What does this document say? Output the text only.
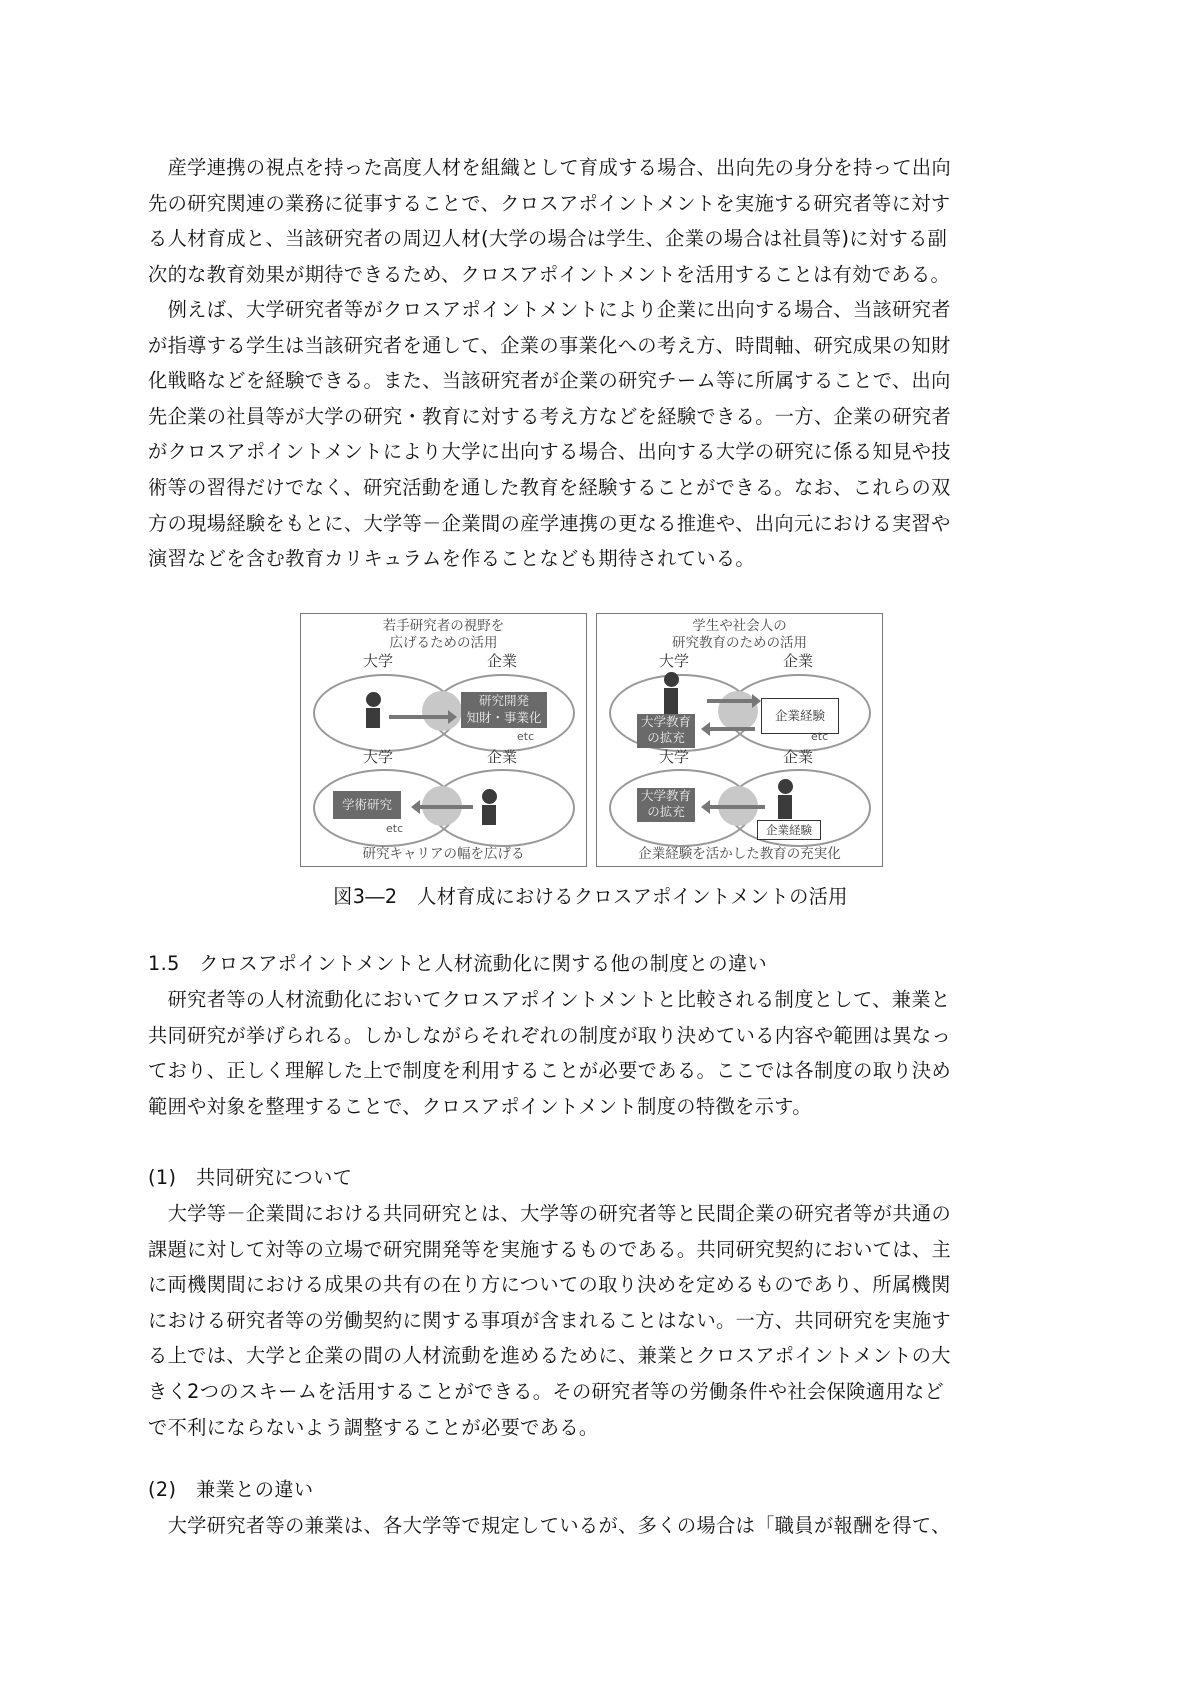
　産学連携の視点を持った高度人材を組織として育成する場合、出向先の身分を持って出向
先の研究関連の業務に従事することで、クロスアポイントメントを実施する研究者等に対す
る人材育成と、当該研究者の周辺人材(大学の場合は学生、企業の場合は社員等)に対する副
次的な教育効果が期待できるため、クロスアポイントメントを活用することは有効である。
　例えば、大学研究者等がクロスアポイントメントにより企業に出向する場合、当該研究者
が指導する学生は当該研究者を通して、企業の事業化への考え方、時間軸、研究成果の知財
化戦略などを経験できる。また、当該研究者が企業の研究チーム等に所属することで、出向
先企業の社員等が大学の研究・教育に対する考え方などを経験できる。一方、企業の研究者
がクロスアポイントメントにより大学に出向する場合、出向する大学の研究に係る知見や技
術等の習得だけでなく、研究活動を通した教育を経験することができる。なお、これらの双
方の現場経験をもとに、大学等－企業間の産学連携の更なる推進や、出向元における実習や
演習などを含む教育カリキュラムを作ることなども期待されている。
若手研究者の視野を
広げるための活用
大学	企業
研究開発
知財・事業化
etc
大学	企業
学術研究
etc
研究キャリアの幅を広げる
学生や社会人の
研究教育のための活用
大学	企業
大学教育
の拡充
企業経験
etc
大学	企業
大学教育
の拡充
企業経験
企業経験を活かした教育の充実化
図3―2　人材育成におけるクロスアポイントメントの活用
1.5　クロスアポイントメントと人材流動化に関する他の制度との違い
　研究者等の人材流動化においてクロスアポイントメントと比較される制度として、兼業と
共同研究が挙げられる。しかしながらそれぞれの制度が取り決めている内容や範囲は異なっ
ており、正しく理解した上で制度を利用することが必要である。ここでは各制度の取り決め
範囲や対象を整理することで、クロスアポイントメント制度の特徴を示す。
(1)　共同研究について
　大学等－企業間における共同研究とは、大学等の研究者等と民間企業の研究者等が共通の
課題に対して対等の立場で研究開発等を実施するものである。共同研究契約においては、主
に両機関間における成果の共有の在り方についての取り決めを定めるものであり、所属機関
における研究者等の労働契約に関する事項が含まれることはない。一方、共同研究を実施す
る上では、大学と企業の間の人材流動を進めるために、兼業とクロスアポイントメントの大
きく2つのスキームを活用することができる。その研究者等の労働条件や社会保険適用など
で不利にならないよう調整することが必要である。
(2)　兼業との違い
　大学研究者等の兼業は、各大学等で規定しているが、多くの場合は「職員が報酬を得て、
